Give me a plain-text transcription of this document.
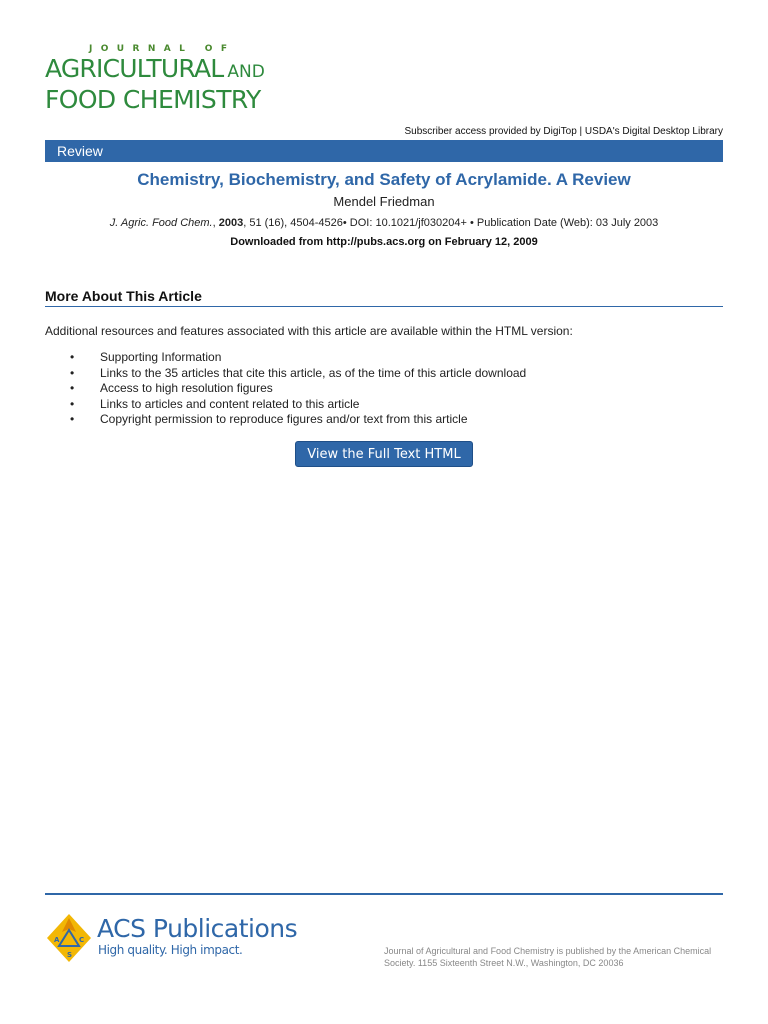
JOURNAL OF
AGRICULTURAL AND
FOOD CHEMISTRY
Subscriber access provided by DigiTop | USDA's Digital Desktop Library
Review
Chemistry, Biochemistry, and Safety of Acrylamide. A Review
Mendel Friedman
J. Agric. Food Chem., 2003, 51 (16), 4504-4526• DOI: 10.1021/jf030204+ • Publication Date (Web): 03 July 2003
Downloaded from http://pubs.acs.org on February 12, 2009
More About This Article
Additional resources and features associated with this article are available within the HTML version:
• Supporting Information
• Links to the 35 articles that cite this article, as of the time of this article download
• Access to high resolution figures
• Links to articles and content related to this article
• Copyright permission to reproduce figures and/or text from this article
View the Full Text HTML
A	C
S
ACS Publications
High quality. High impact.	Journal of Agricultural and Food Chemistry is published by the American Chemical Society. 1155 Sixteenth Street N.W., Washington, DC 20036
